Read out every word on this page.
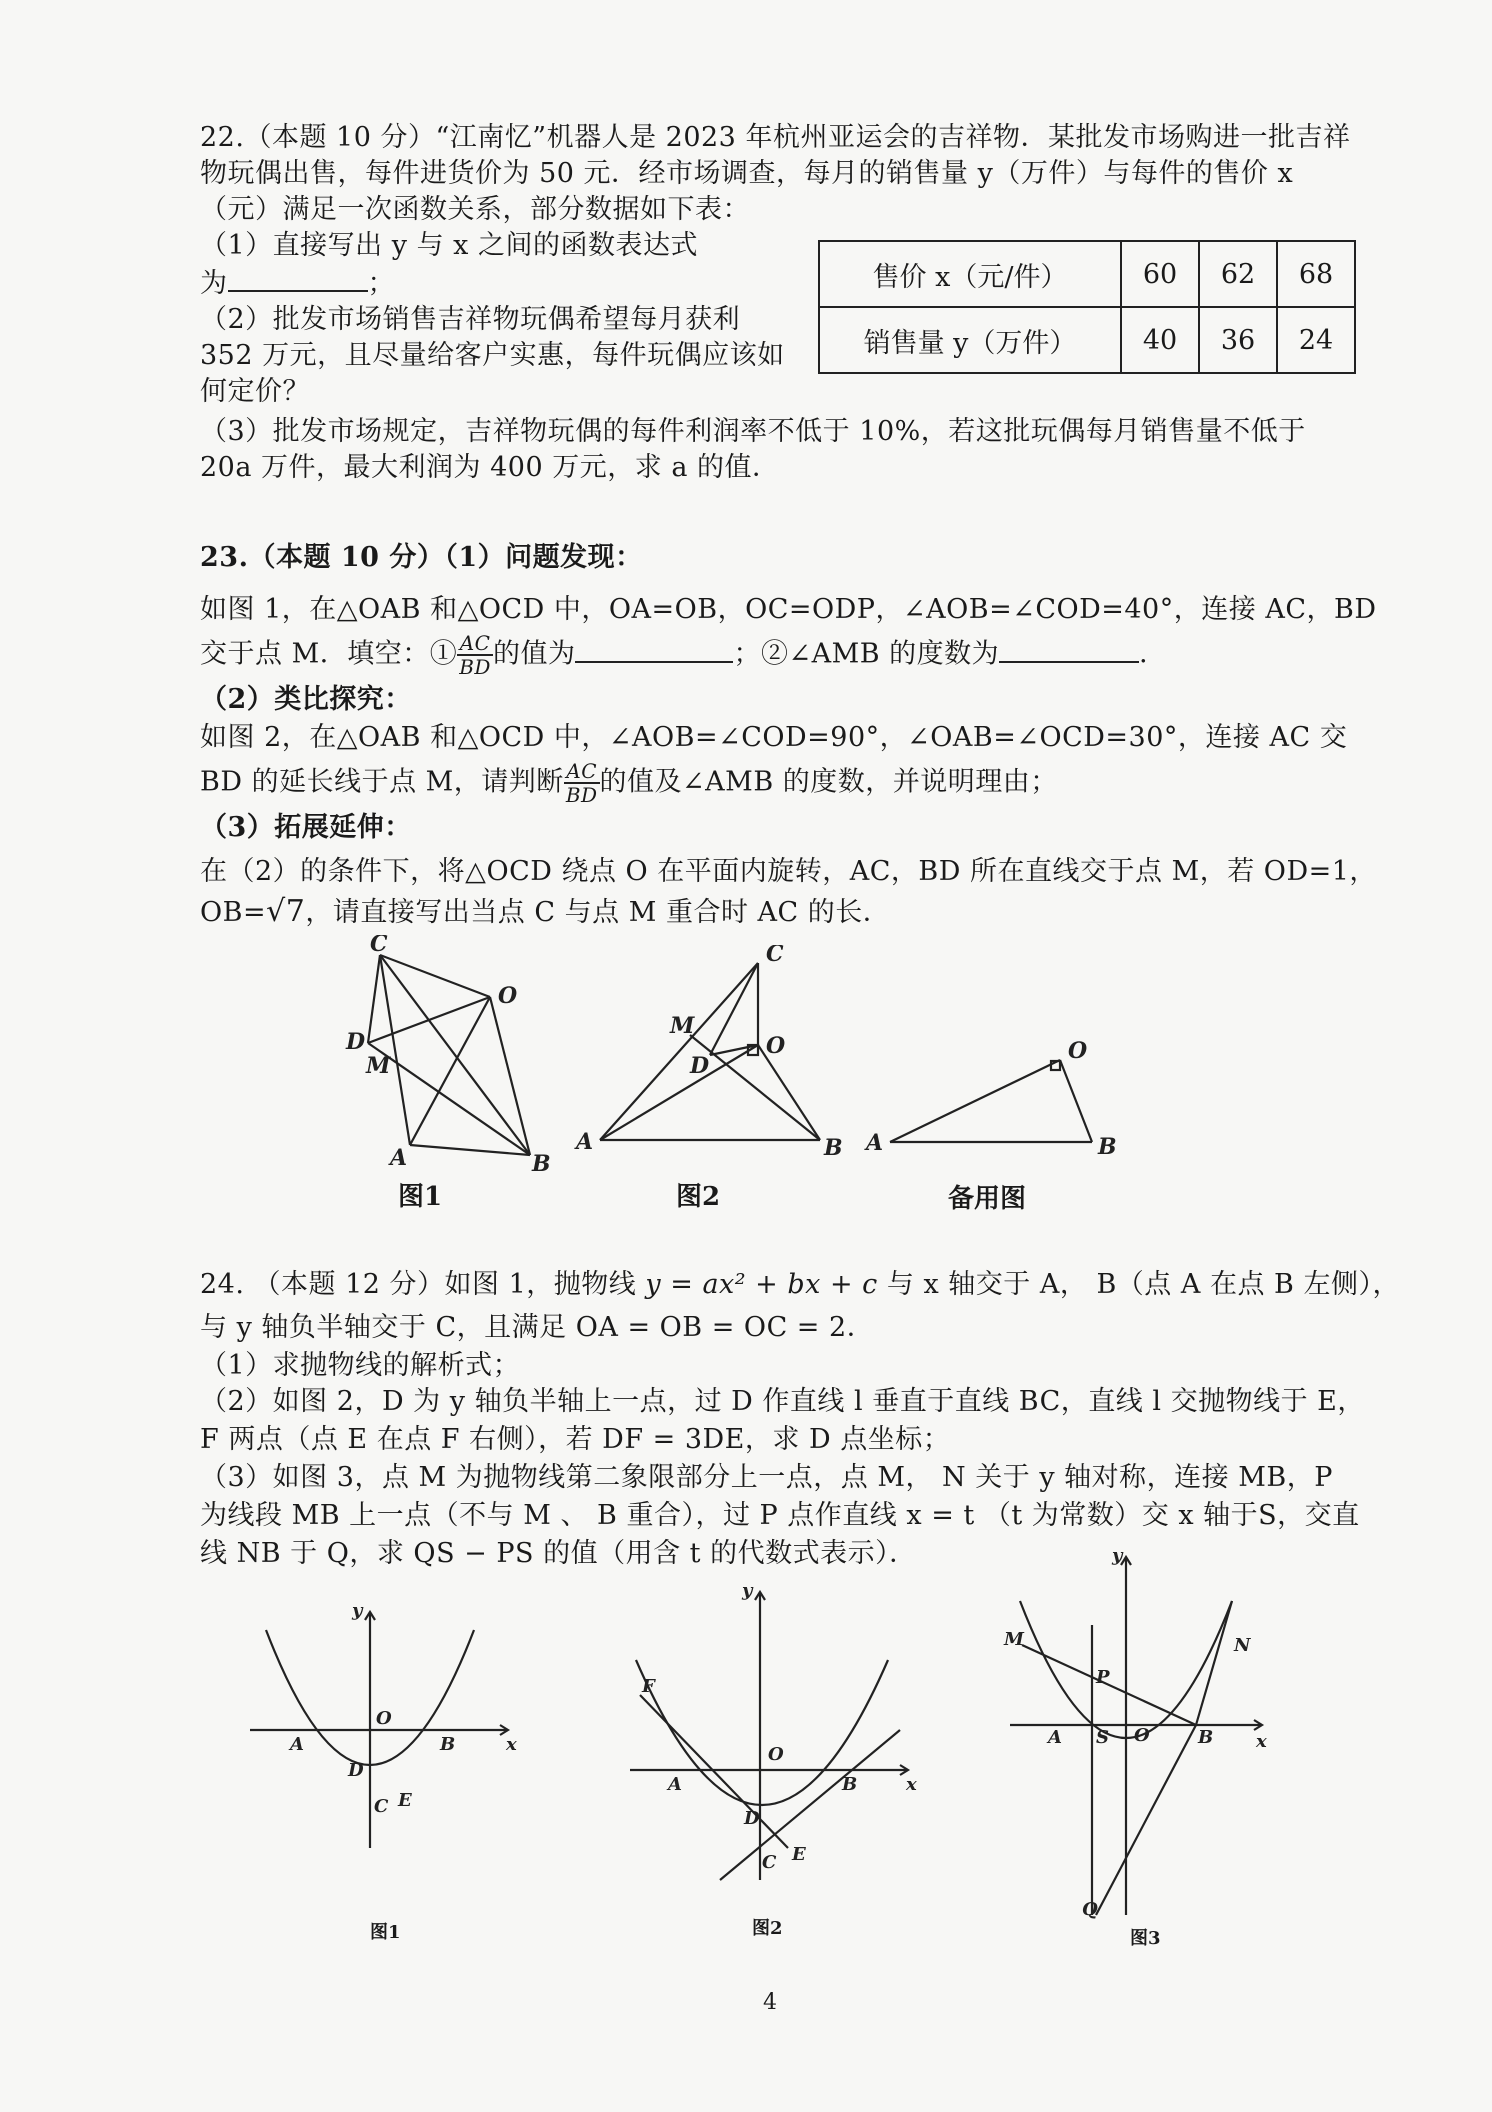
22.（本题 10 分）“江南忆”机器人是 2023 年杭州亚运会的吉祥物．某批发市场购进一批吉祥
物玩偶出售，每件进货价为 50 元．经市场调查，每月的销售量 y（万件）与每件的售价 x
（元）满足一次函数关系，部分数据如下表：
（1）直接写出 y 与 x 之间的函数表达式
为	；
（2）批发市场销售吉祥物玩偶希望每月获利
352 万元，且尽量给客户实惠，每件玩偶应该如
何定价？
（3）批发市场规定，吉祥物玩偶的每件利润率不低于 10%，若这批玩偶每月销售量不低于
20a 万件，最大利润为 400 万元，求 a 的值．
售价 x（元/件）	60	62	68
销售量 y（万件）	40	36	24
23.（本题 10 分）（1）问题发现：
如图 1，在△OAB 和△OCD 中，OA=OB，OC=ODP，∠AOB=∠COD=40°，连接 AC，BD
交于点 M．填空：① $\frac{AC}{BD}$ 的值为	；②∠AMB 的度数为	．
（2）类比探究：
如图 2，在△OAB 和△OCD 中，∠AOB=∠COD=90°，∠OAB=∠OCD=30°，连接 AC 交
BD 的延长线于点 M，请判断 $\frac{AC}{BD}$ 的值及∠AMB 的度数，并说明理由；
（3）拓展延伸：
在（2）的条件下，将△OCD 绕点 O 在平面内旋转，AC，BD 所在直线交于点 M，若 OD=1，
OB=√7，请直接写出当点 C 与点 M 重合时 AC 的长．
C
O
D
M
A	B
图1
C
O
M
D
A	B
图2
A	B
O
备用图
24. （本题 12 分）如图 1，抛物线 y = ax² + bx + c 与 x 轴交于 A， B（点 A 在点 B 左侧），
与 y 轴负半轴交于 C，且满足 OA = OB = OC = 2．
（1）求抛物线的解析式；
（2）如图 2，D 为 y 轴负半轴上一点，过 D 作直线 l 垂直于直线 BC，直线 l 交抛物线于 E，
F 两点（点 E 在点 F 右侧），若 DF = 3DE，求 D 点坐标；
（3）如图 3，点 M 为抛物线第二象限部分上一点，点 M， N 关于 y 轴对称，连接 MB，P
为线段 MB 上一点（不与 M 、 B 重合），过 P 点作直线 x = t （t 为常数）交 x 轴于S，交直
线 NB 于 Q，求 QS − PS 的值（用含 t 的代数式表示）．
y
x
O
A	B
D
C E
图1
y
x
O
A	B
F
D
C E
图2
y
x
O
A	B
S
M	N
P
Q
图3
4
